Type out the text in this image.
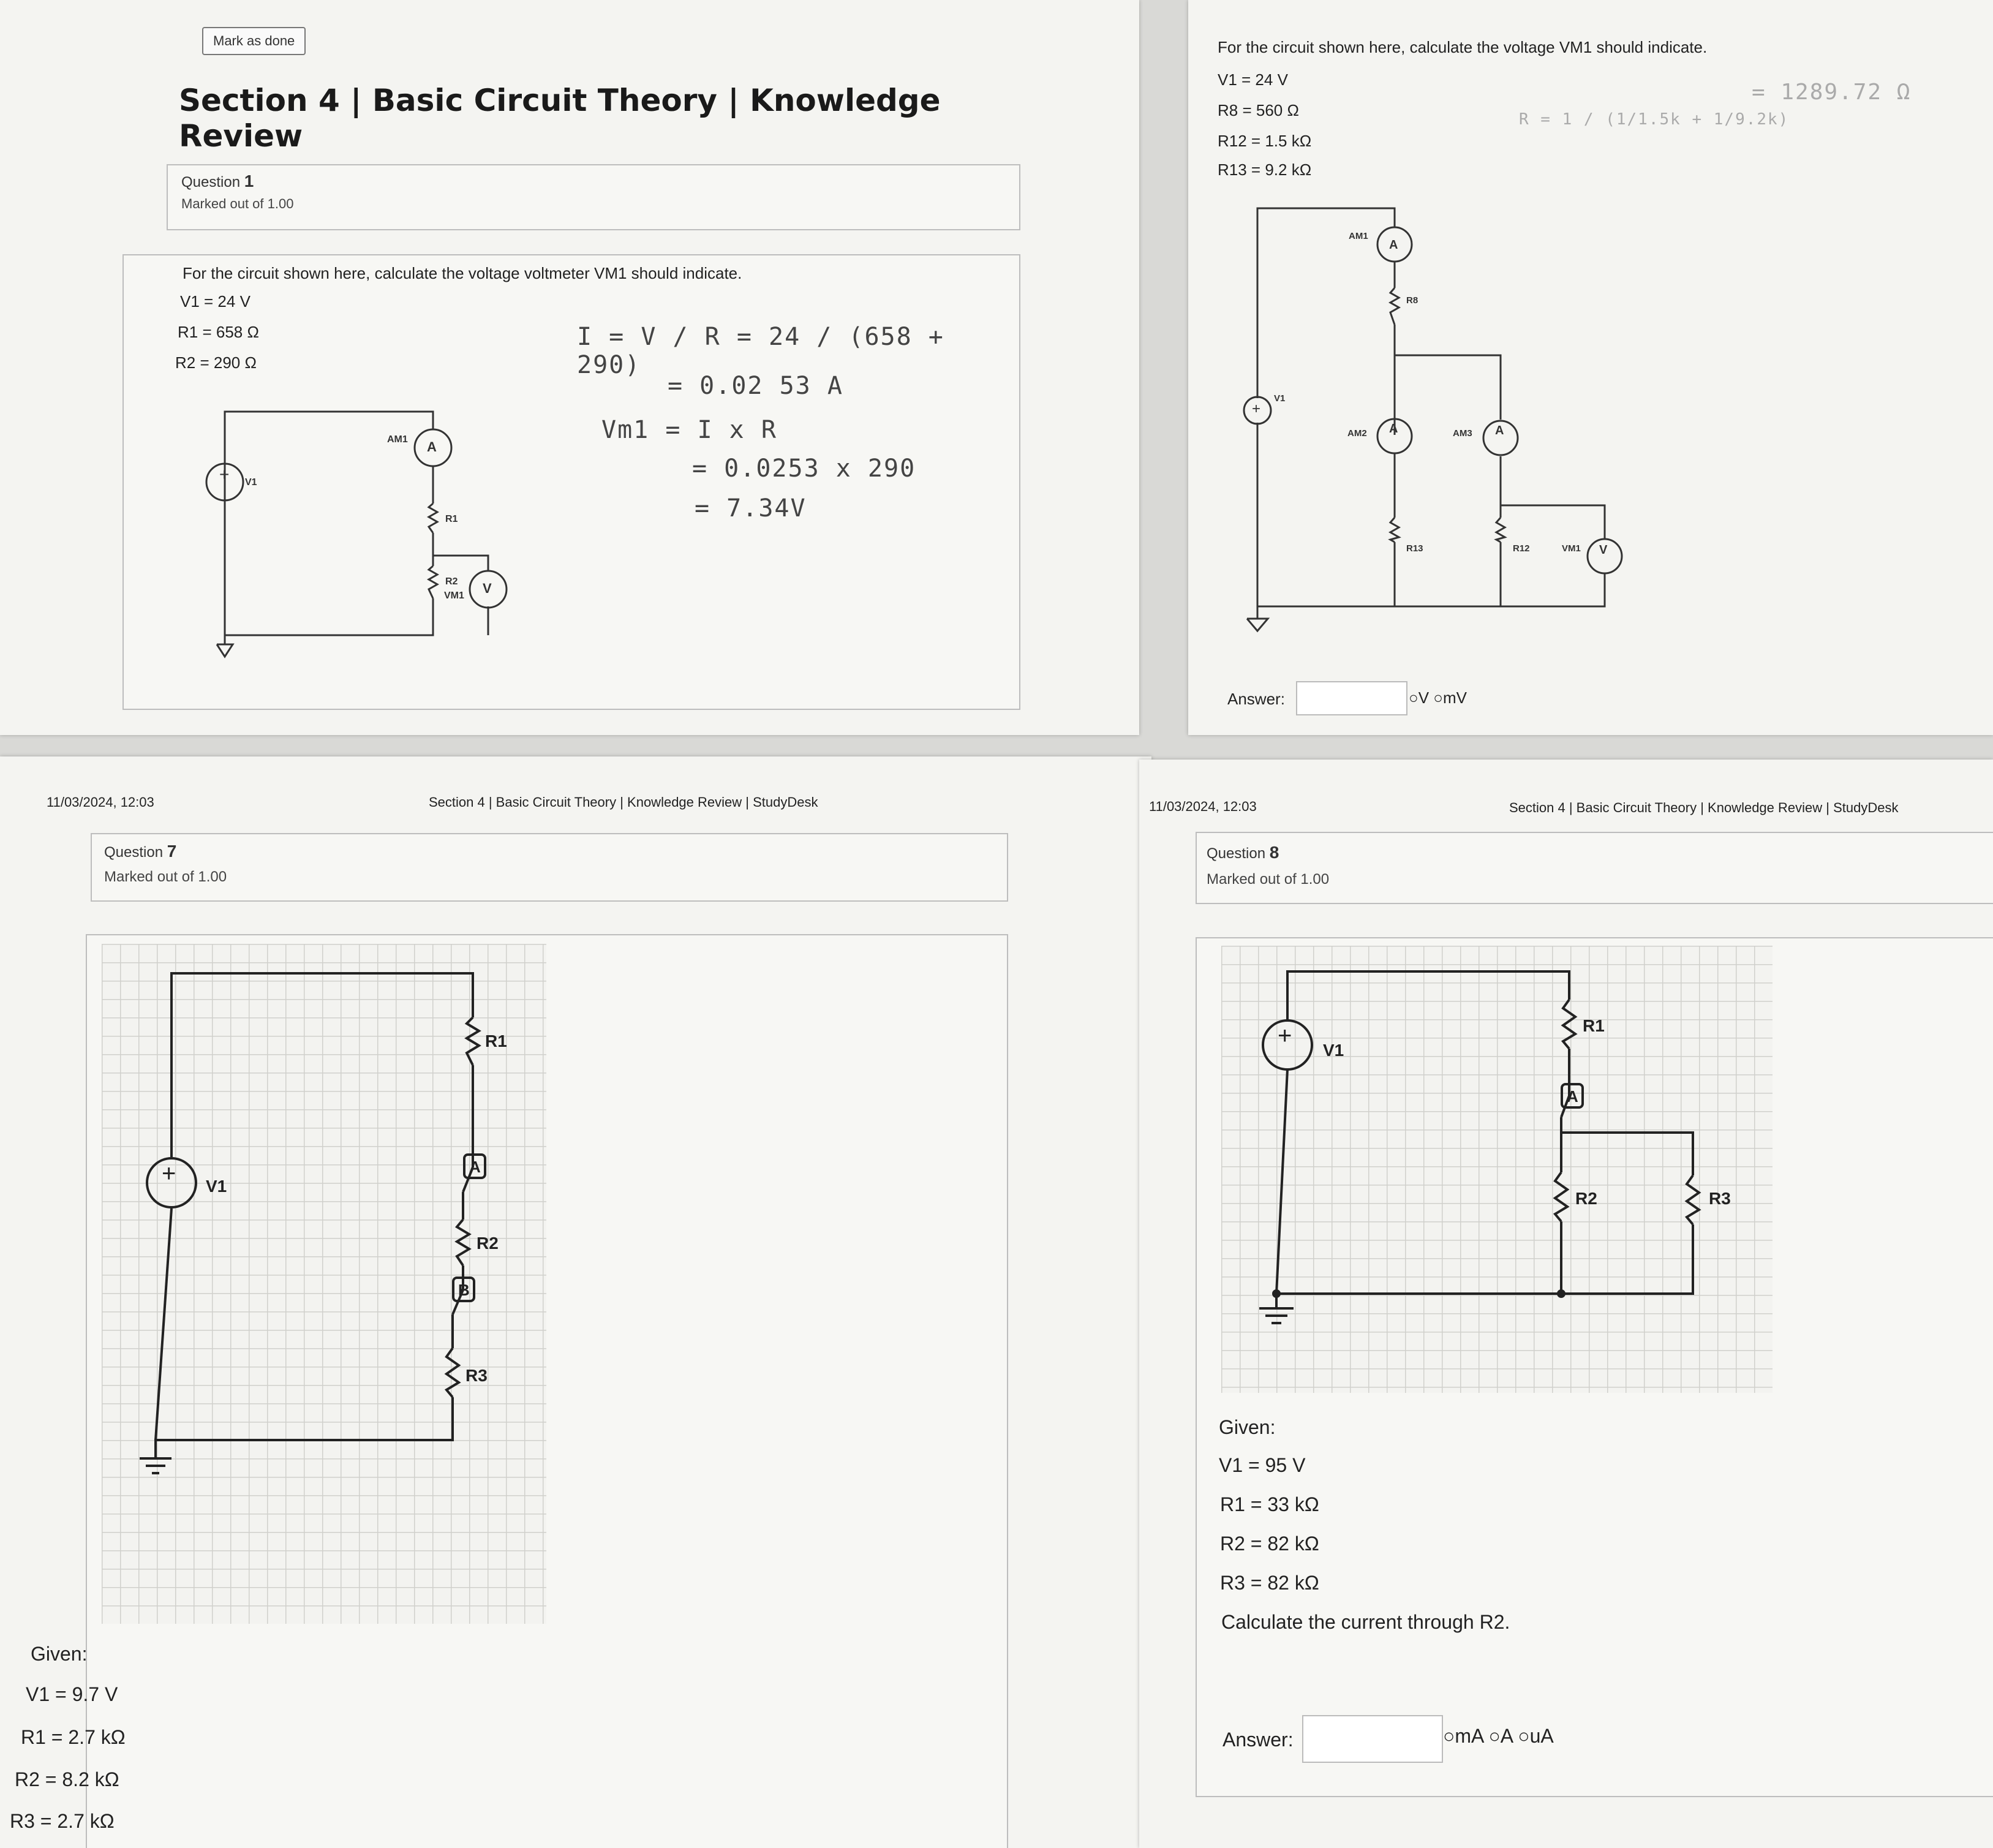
Mark as done
Section 4 | Basic Circuit Theory | Knowledge Review
Question 1
Marked out of 1.00
For the circuit shown here, calculate the voltage voltmeter VM1 should indicate.
V1 = 24 V
R1 = 658 Ω
R2 = 290 Ω
I = V / R = 24 / (658 + 290)
= 0.02 53 A
Vm1 = I x R
= 0.0253 x 290
= 7.34V
+ V1
AM1 A
R1
R2
VM1 V
For the circuit shown here, calculate the voltage VM1 should indicate.
V1 = 24 V
R8 = 560 Ω
R12 = 1.5 kΩ
R13 = 9.2 kΩ
R = 1 / (1/1.5k + 1/9.2k)
= 1289.72 Ω
+
V1
AM1
A
R8
AM2 A	AM3 A
R13	R12	VM1 V
Answer:	○V ○mV
11/03/2024, 12:03	Section 4 | Basic Circuit Theory | Knowledge Review | StudyDesk
Question 7
Marked out of 1.00
+ V1
R1
A
R2
B
R3
Given:
V1 = 9.7 V
R1 = 2.7 kΩ
R2 = 8.2 kΩ
R3 = 2.7 kΩ
11/03/2024, 12:03	Section 4 | Basic Circuit Theory | Knowledge Review | StudyDesk
Question 8
Marked out of 1.00
+
V1
R1
A
R2	R3
Given:
V1 = 95 V
R1 = 33 kΩ
R2 = 82 kΩ
R3 = 82 kΩ
Calculate the current through R2.
Answer:	○mA ○A ○uA
